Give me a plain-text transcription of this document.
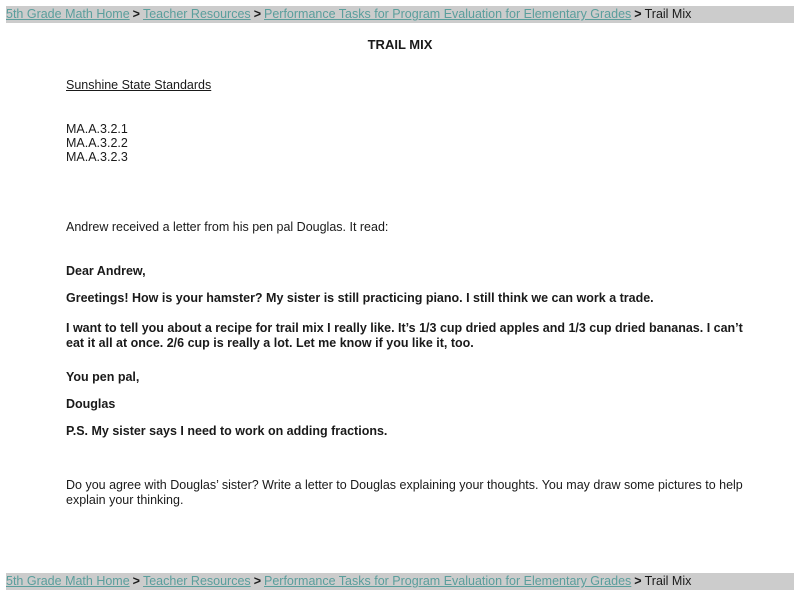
5th Grade Math Home > Teacher Resources > Performance Tasks for Program Evaluation for Elementary Grades > Trail Mix
TRAIL MIX
Sunshine State Standards
MA.A.3.2.1
MA.A.3.2.2
MA.A.3.2.3

Andrew received a letter from his pen pal Douglas. It read:

Dear Andrew,
Greetings! How is your hamster? My sister is still practicing piano. I still think we can work a trade.
I want to tell you about a recipe for trail mix I really like. It’s 1/3 cup dried apples and 1/3 cup dried bananas. I can’t eat it all at once. 2/6 cup is really a lot. Let me know if you like it, too.
You pen pal,
Douglas
P.S. My sister says I need to work on adding fractions.

Do you agree with Douglas’ sister? Write a letter to Douglas explaining your thoughts. You may draw some pictures to help explain your thinking.

5th Grade Math Home > Teacher Resources > Performance Tasks for Program Evaluation for Elementary Grades > Trail Mix
